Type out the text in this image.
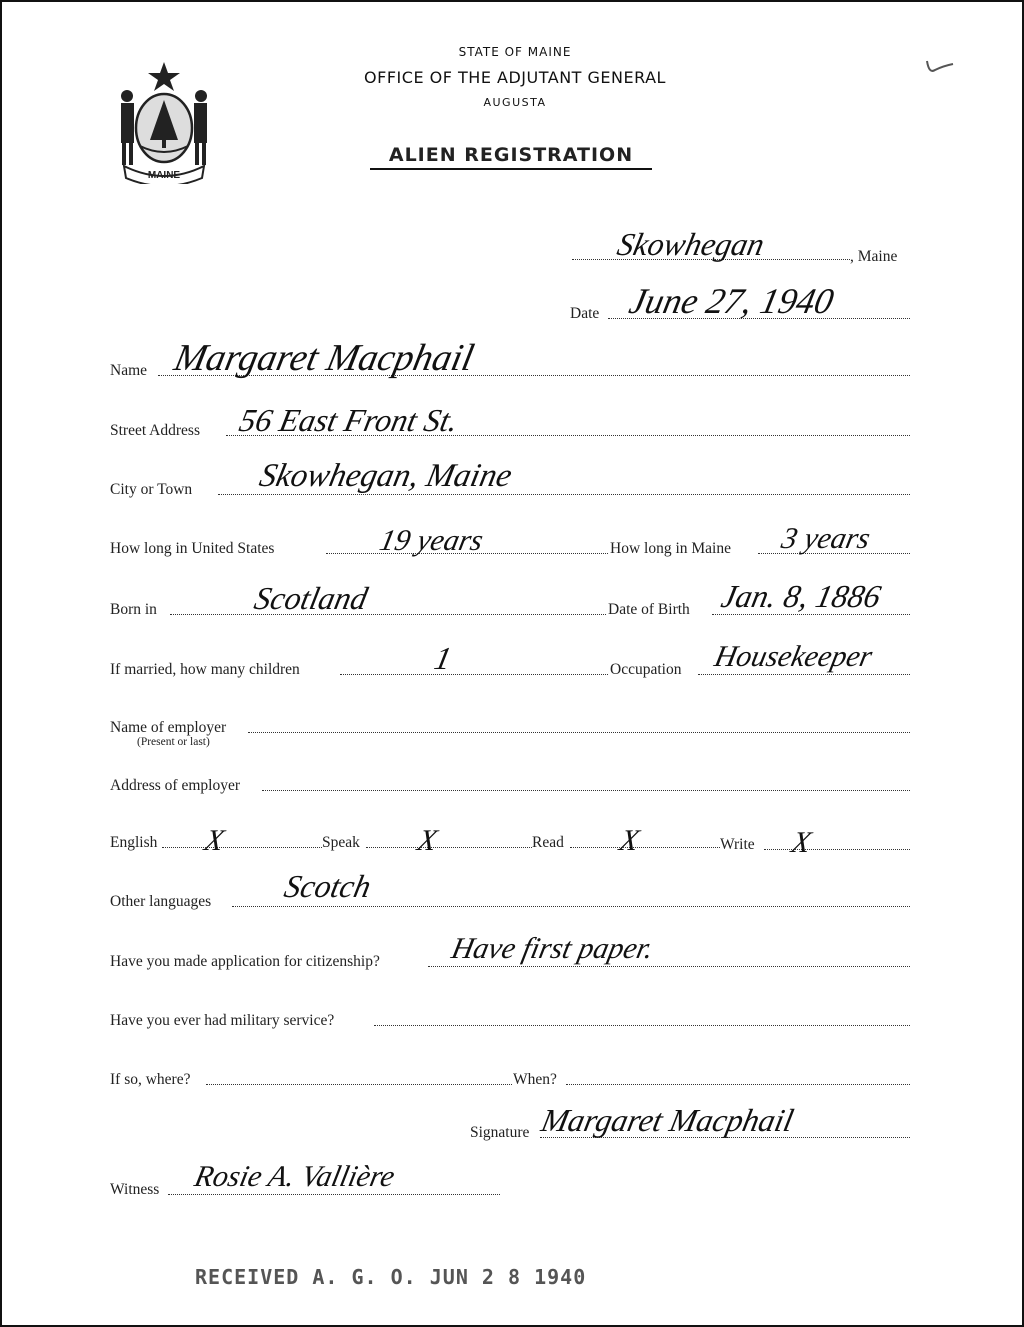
MAINE
STATE OF MAINE
OFFICE OF THE ADJUTANT GENERAL
AUGUSTA
ALIEN REGISTRATION
Skowhegan	, Maine
Date June 27, 1940
Name Margaret Macphail
Street Address 56 East Front St.
City or Town Skowhegan, Maine
How long in United States	19 years	How long in Maine 3 years
Born in	Scotland	Date of Birth Jan. 8, 1886
If married, how many children	1	Occupation Housekeeper
Name of employer
(Present or last)
Address of employer
English X	Speak X	Read X	Write X
Other languages Scotch
Have you made application for citizenship? Have first paper.
Have you ever had military service?
If so, where?	When?
Signature Margaret Macphail
Witness Rosie A. Vallière
RECEIVED A. G. O. JUN 2 8 1940
